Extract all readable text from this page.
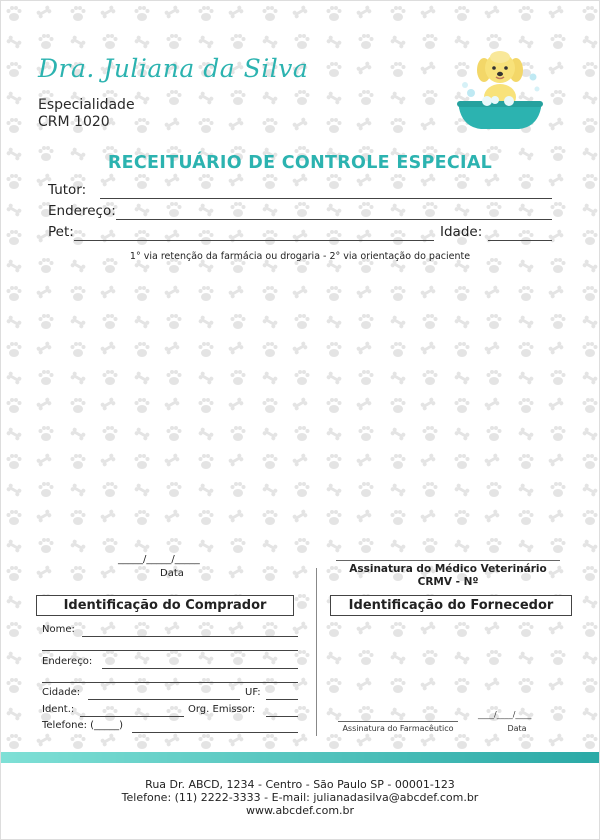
Dra. Juliana da Silva
Especialidade
CRM 1020
RECEITUÁRIO DE CONTROLE ESPECIAL
Tutor:
Endereço:
Pet:	Idade:
1° via retenção da farmácia ou drogaria - 2° via orientação do paciente
_____/_____/_____
Data	Assinatura do Médico Veterinário
CRMV - Nº
Identificação do Comprador
Nome:
Endereço:
Cidade:	UF:
Ident.:	Org. Emissor:
Telefone: (_____)
Identificação do Fornecedor
Assinatura do Farmacêutico
____/____/____
Data
Rua Dr. ABCD, 1234 - Centro - São Paulo SP - 00001-123
Telefone: (11) 2222-3333 - E-mail: julianadasilva@abcdef.com.br
www.abcdef.com.br
